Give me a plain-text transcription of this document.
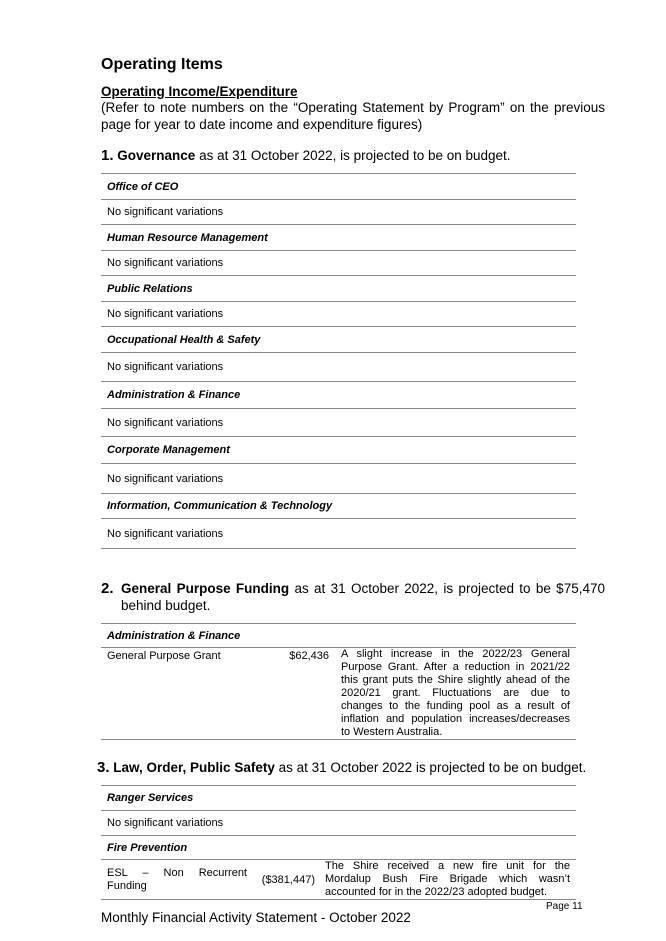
Operating Items
Operating Income/Expenditure
(Refer to note numbers on the “Operating Statement by Program” on the previous page for year to date income and expenditure figures)
1. Governance as at 31 October 2022, is projected to be on budget.
Office of CEO
No significant variations
Human Resource Management
No significant variations
Public Relations
No significant variations
Occupational Health & Safety
No significant variations
Administration & Finance
No significant variations
Corporate Management
No significant variations
Information, Communication & Technology
No significant variations
2. General Purpose Funding as at 31 October 2022, is projected to be $75,470 behind budget.
Administration & Finance
General Purpose Grant	$62,436	A slight increase in the 2022/23 General Purpose Grant. After a reduction in 2021/22 this grant puts the Shire slightly ahead of the 2020/21 grant. Fluctuations are due to changes to the funding pool as a result of inflation and population increases/decreases to Western Australia.
3. Law, Order, Public Safety as at 31 October 2022 is projected to be on budget.
Ranger Services
No significant variations
Fire Prevention
ESL – Non Recurrent Funding	($381,447)	The Shire received a new fire unit for the Mordalup Bush Fire Brigade which wasn’t accounted for in the 2022/23 adopted budget.
Page 11
Monthly Financial Activity Statement - October 2022
